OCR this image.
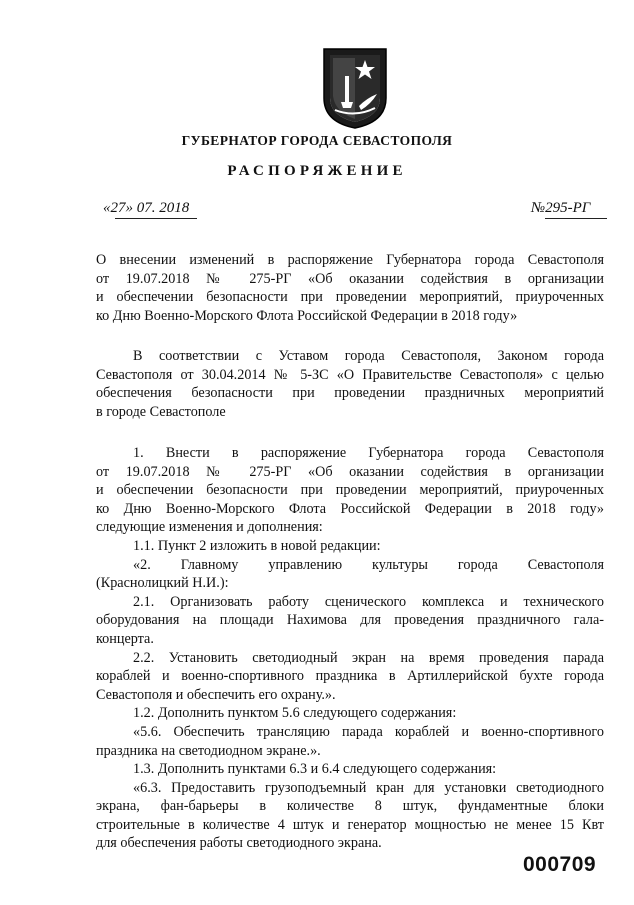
ГУБЕРНАТОР ГОРОДА СЕВАСТОПОЛЯ
РАСПОРЯЖЕНИЕ
«27» 07. 2018	№295-РГ

О внесении изменений в распоряжение Губернатора города Севастополя

от 19.07.2018 № 275-РГ «Об оказании содействия в организации

и обеспечении безопасности при проведении мероприятий, приуроченных

ко Дню Военно-Морского Флота Российской Федерации в 2018 году»

В соответствии с Уставом города Севастополя, Законом города

Севастополя от 30.04.2014 № 5-ЗС «О Правительстве Севастополя» с целью

обеспечения безопасности при проведении праздничных мероприятий

в городе Севастополе

1. Внести в распоряжение Губернатора города Севастополя

от 19.07.2018 № 275-РГ «Об оказании содействия в организации

и обеспечении безопасности при проведении мероприятий, приуроченных

ко Дню Военно-Морского Флота Российской Федерации в 2018 году»

следующие изменения и дополнения:

1.1. Пункт 2 изложить в новой редакции:

«2. Главному управлению культуры города Севастополя

(Краснолицкий Н.И.):

2.1. Организовать работу сценического комплекса и технического

оборудования на площади Нахимова для проведения праздничного гала-

концерта.

2.2. Установить светодиодный экран на время проведения парада

кораблей и военно-спортивного праздника в Артиллерийской бухте города

Севастополя и обеспечить его охрану.».

1.2. Дополнить пунктом 5.6 следующего содержания:

«5.6. Обеспечить трансляцию парада кораблей и военно-спортивного

праздника на светодиодном экране.».

1.3. Дополнить пунктами 6.3 и 6.4 следующего содержания:

«6.3. Предоставить грузоподъемный кран для установки светодиодного

экрана, фан-барьеры в количестве 8 штук, фундаментные блоки

строительные в количестве 4 штук и генератор мощностью не менее 15 Квт

для обеспечения работы светодиодного экрана.

000709
